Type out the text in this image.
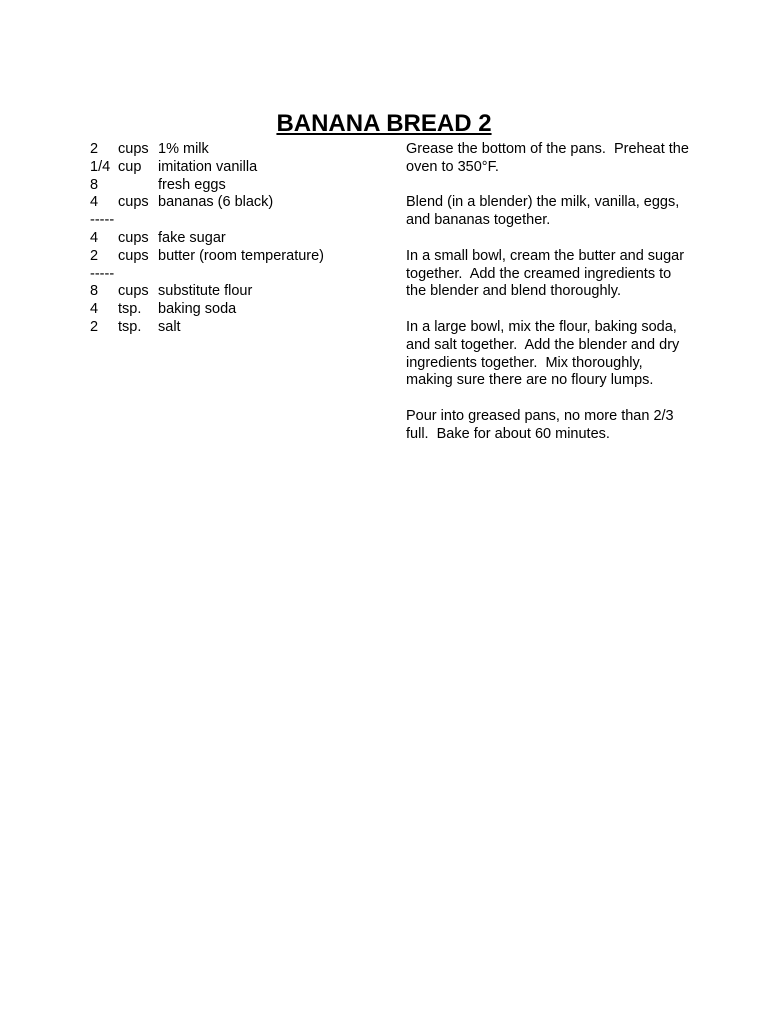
BANANA BREAD 2
2	cups 1% milk
1/4 cup	imitation vanilla
8	fresh eggs
4	cups bananas (6 black)
-----
4	cups fake sugar
2	cups butter (room temperature)
-----
8	cups substitute flour
4	tsp.	baking soda
2	tsp.	salt

Grease the bottom of the pans.  Preheat the oven to 350°F.

Blend (in a blender) the milk, vanilla, eggs, and bananas together.

In a small bowl, cream the butter and sugar together.  Add the creamed ingredients to the blender and blend thoroughly.

In a large bowl, mix the flour, baking soda, and salt together.  Add the blender and dry ingredients together.  Mix thoroughly, making sure there are no floury lumps.

Pour into greased pans, no more than 2/3 full.  Bake for about 60 minutes.
